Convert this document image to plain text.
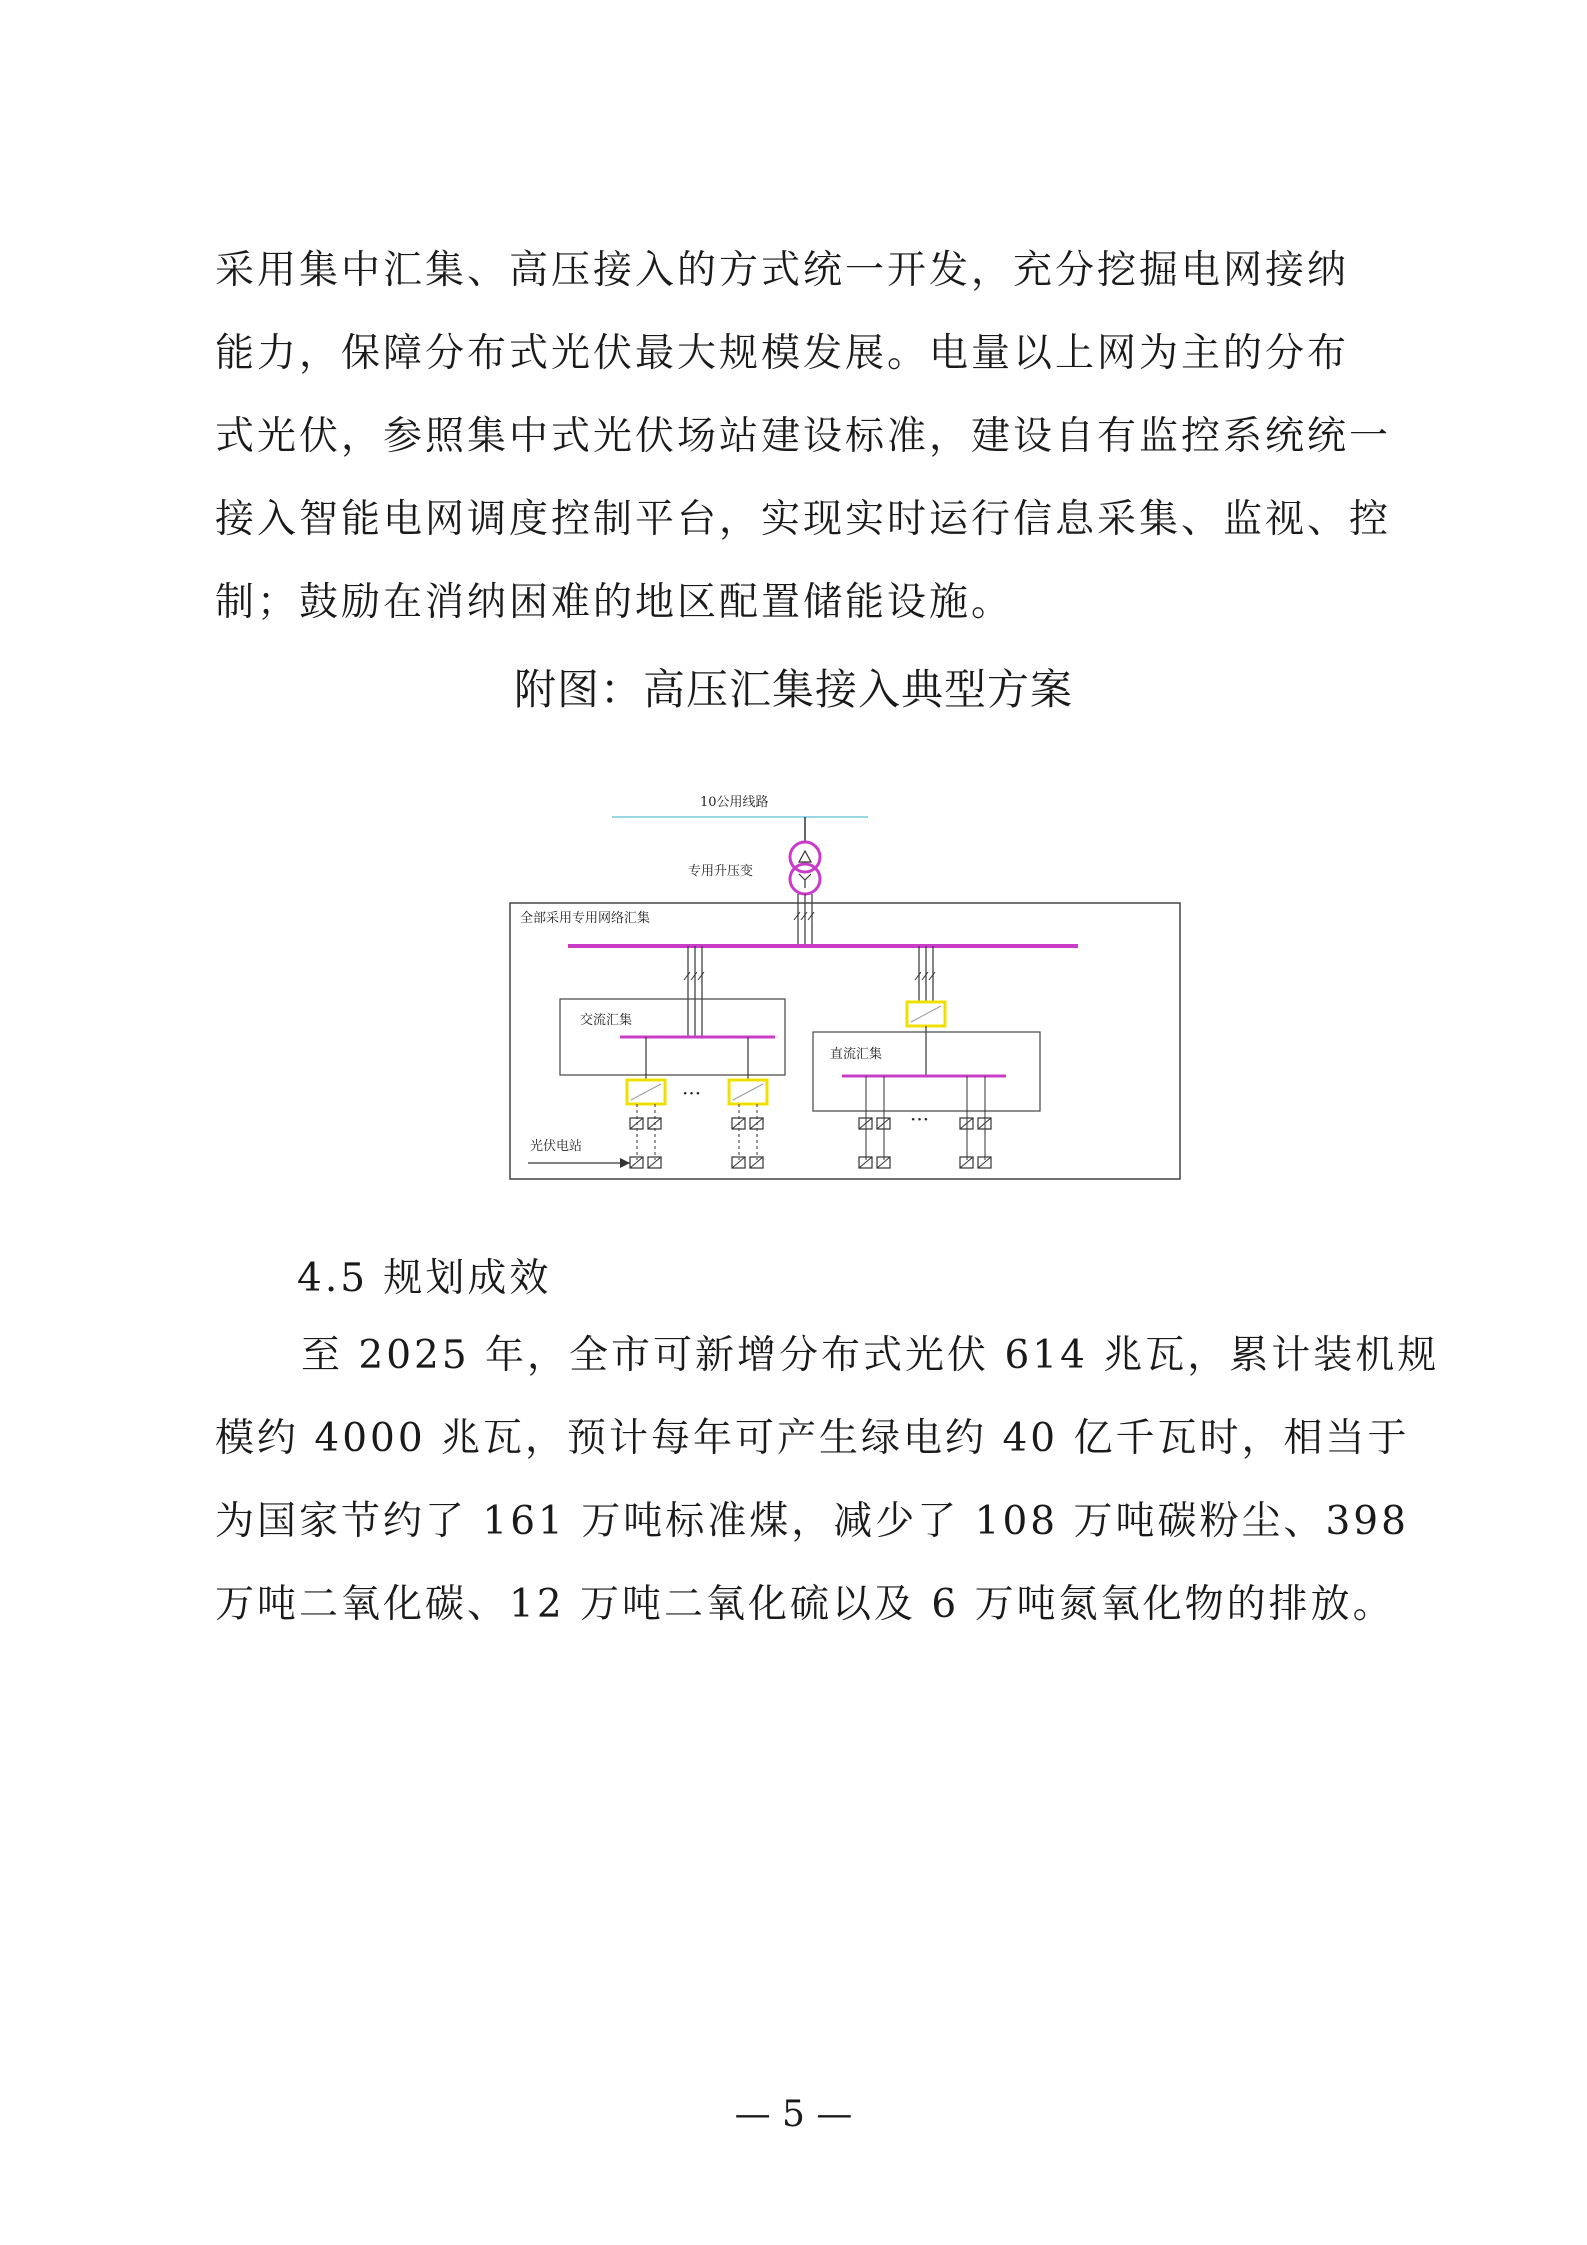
采用集中汇集、高压接入的方式统一开发，充分挖掘电网接纳
能力，保障分布式光伏最大规模发展。电量以上网为主的分布
式光伏，参照集中式光伏场站建设标准，建设自有监控系统统一
接入智能电网调度控制平台，实现实时运行信息采集、监视、控
制；鼓励在消纳困难的地区配置储能设施。

附图：高压汇集接入典型方案
10公用线路
专用升压变
全部采用专用网络汇集
交流汇集
···
直流汇集
···
光伏电站
4.5 规划成效

至 2025 年，全市可新增分布式光伏 614 兆瓦，累计装机规
模约 4000 兆瓦，预计每年可产生绿电约 40 亿千瓦时，相当于
为国家节约了 161 万吨标准煤，减少了 108 万吨碳粉尘、398
万吨二氧化碳、12 万吨二氧化硫以及 6 万吨氮氧化物的排放。

— 5 —
